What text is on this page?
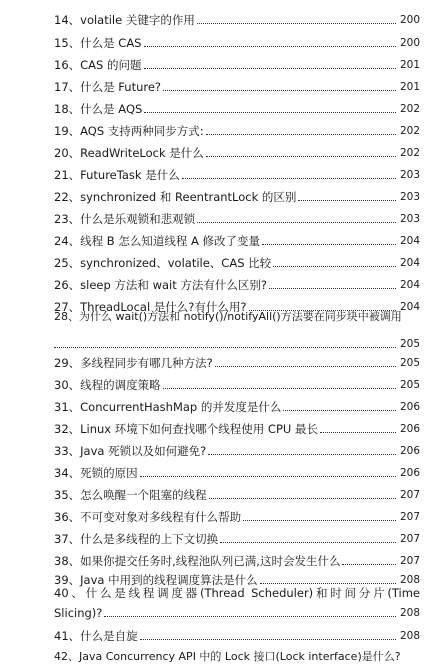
14、volatile 关键字的作用	200
15、什么是 CAS	200
16、CAS 的问题	201
17、什么是 Future?	201
18、什么是 AQS	202
19、AQS 支持两种同步方式:	202
20、ReadWriteLock 是什么	202
21、FutureTask 是什么	203
22、synchronized 和 ReentrantLock 的区别	203
23、什么是乐观锁和悲观锁	203
24、线程 B 怎么知道线程 A 修改了变量	204
25、synchronized、volatile、CAS 比较	204
26、sleep 方法和 wait 方法有什么区别?	204
27、ThreadLocal 是什么?有什么用?	204
28、为什么 wait()方法和 notify()/notifyAll()方法要在同步块中被调用
205
29、多线程同步有哪几种方法?	205
30、线程的调度策略	205
31、ConcurrentHashMap 的并发度是什么	206
32、Linux 环境下如何查找哪个线程使用 CPU 最长	206
33、Java 死锁以及如何避免?	206
34、死锁的原因	206
35、怎么唤醒一个阻塞的线程	207
36、不可变对象对多线程有什么帮助	207
37、什么是多线程的上下文切换	207
38、如果你提交任务时,线程池队列已满,这时会发生什么	207
39、Java 中用到的线程调度算法是什么	208
40、什么是线程调度器(Thread Scheduler)和时间分片(Time
Slicing)?	208
41、什么是自旋	208
42、Java Concurrency API 中的 Lock 接口(Lock interface)是什么?
